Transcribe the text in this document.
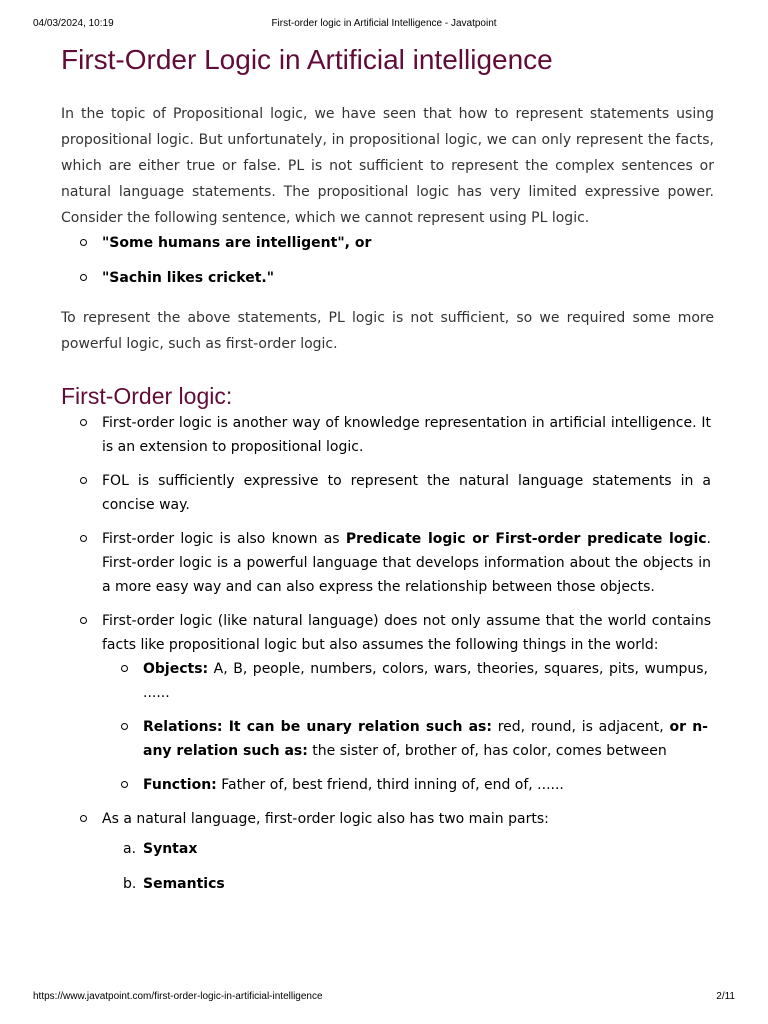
04/03/2024, 10:19	First-order logic in Artificial Intelligence - Javatpoint
First-Order Logic in Artificial intelligence

In the topic of Propositional logic, we have seen that how to represent statements using propositional logic. But unfortunately, in propositional logic, we can only represent the facts, which are either true or false. PL is not sufficient to represent the complex sentences or natural language statements. The propositional logic has very limited expressive power. Consider the following sentence, which we cannot represent using PL logic.

"Some humans are intelligent", or
"Sachin likes cricket."

To represent the above statements, PL logic is not sufficient, so we required some more powerful logic, such as first-order logic.

First-Order logic:
First-order logic is another way of knowledge representation in artificial intelligence. It is an extension to propositional logic.
FOL is sufficiently expressive to represent the natural language statements in a concise way.
First-order logic is also known as Predicate logic or First-order predicate logic. First-order logic is a powerful language that develops information about the objects in a more easy way and can also express the relationship between those objects.
First-order logic (like natural language) does not only assume that the world contains facts like propositional logic but also assumes the following things in the world:
Objects: A, B, people, numbers, colors, wars, theories, squares, pits, wumpus, ......
Relations: It can be unary relation such as: red, round, is adjacent, or n-any relation such as: the sister of, brother of, has color, comes between
Function: Father of, best friend, third inning of, end of, ......
As a natural language, first-order logic also has two main parts:
a. Syntax
b. Semantics
https://www.javatpoint.com/first-order-logic-in-artificial-intelligence	2/11
